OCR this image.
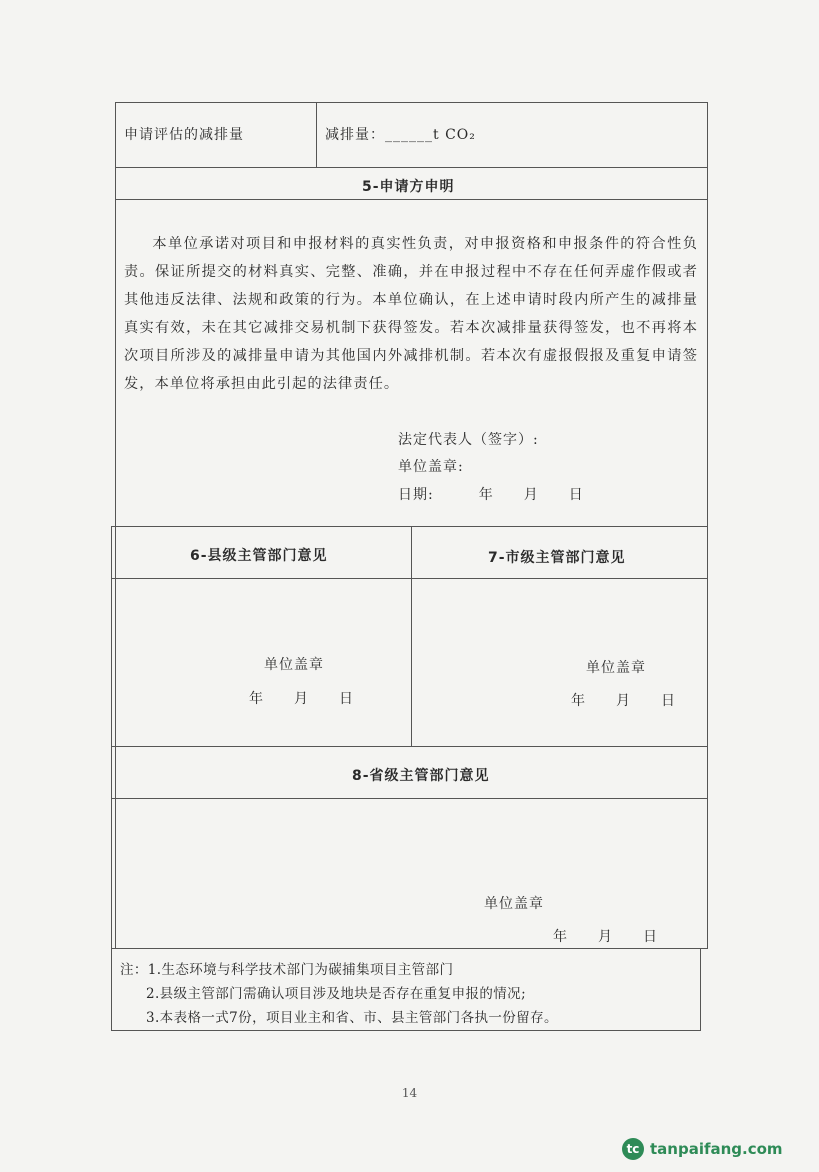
申请评估的减排量	减排量：______t CO₂
5-申请方申明
本单位承诺对项目和申报材料的真实性负责，对申报资格和申报条件的符合性负责。保证所提交的材料真实、完整、准确，并在申报过程中不存在任何弄虚作假或者其他违反法律、法规和政策的行为。本单位确认，在上述申请时段内所产生的减排量真实有效，未在其它减排交易机制下获得签发。若本次减排量获得签发，也不再将本次项目所涉及的减排量申请为其他国内外减排机制。若本次有虚报假报及重复申请签发，本单位将承担由此引起的法律责任。
法定代表人（签字）:
单位盖章:
日期:　　　年　　月　　日
6-县级主管部门意见
单位盖章
年　　月　　日
7-市级主管部门意见
单位盖章
年　　月　　日
8-省级主管部门意见
单位盖章
年　　月　　日
注：1.生态环境与科学技术部门为碳捕集项目主管部门
2.县级主管部门需确认项目涉及地块是否存在重复申报的情况;
3.本表格一式7份，项目业主和省、市、县主管部门各执一份留存。
14
tc tanpaifang.com
